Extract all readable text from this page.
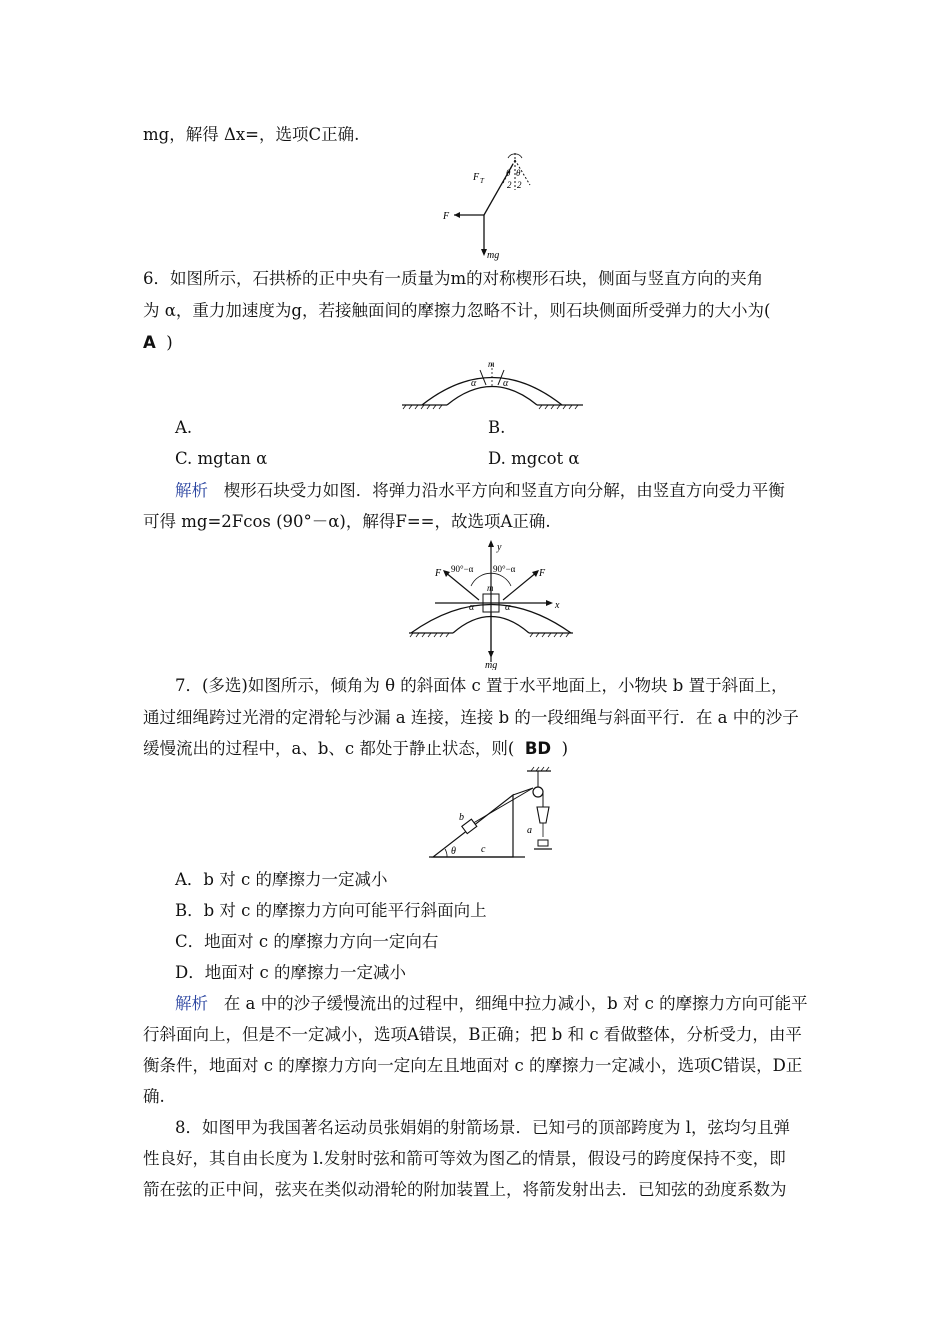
mg，解得 Δx=，选项C正确.
F T
θ θ
2 2
F
mg
6．如图所示，石拱桥的正中央有一质量为m的对称楔形石块，侧面与竖直方向的夹角
为 α，重力加速度为g，若接触面间的摩擦力忽略不计，则石块侧面所受弹力的大小为(
A )
m
α	α
A.	B.
C. mgtan α	D. mgcot α
解析 楔形石块受力如图．将弹力沿水平方向和竖直方向分解，由竖直方向受力平衡
可得 mg=2Fcos (90°－α)，解得F==，故选项A正确.
y
x
F	F
90°−α 90°−α
m
α	α
mg
7．(多选)如图所示，倾角为 θ 的斜面体 c 置于水平地面上，小物块 b 置于斜面上，
通过细绳跨过光滑的定滑轮与沙漏 a 连接，连接 b 的一段细绳与斜面平行．在 a 中的沙子
缓慢流出的过程中，a、b、c 都处于静止状态，则( BD )
b
a
c
θ
A．b 对 c 的摩擦力一定减小
B．b 对 c 的摩擦力方向可能平行斜面向上
C．地面对 c 的摩擦力方向一定向右
D．地面对 c 的摩擦力一定减小
解析 在 a 中的沙子缓慢流出的过程中，细绳中拉力减小，b 对 c 的摩擦力方向可能平
行斜面向上，但是不一定减小，选项A错误，B正确；把 b 和 c 看做整体，分析受力，由平
衡条件，地面对 c 的摩擦力方向一定向左且地面对 c 的摩擦力一定减小，选项C错误，D正
确.
8．如图甲为我国著名运动员张娟娟的射箭场景．已知弓的顶部跨度为 l，弦均匀且弹
性良好，其自由长度为 l.发射时弦和箭可等效为图乙的情景，假设弓的跨度保持不变，即
箭在弦的正中间，弦夹在类似动滑轮的附加装置上，将箭发射出去．已知弦的劲度系数为
